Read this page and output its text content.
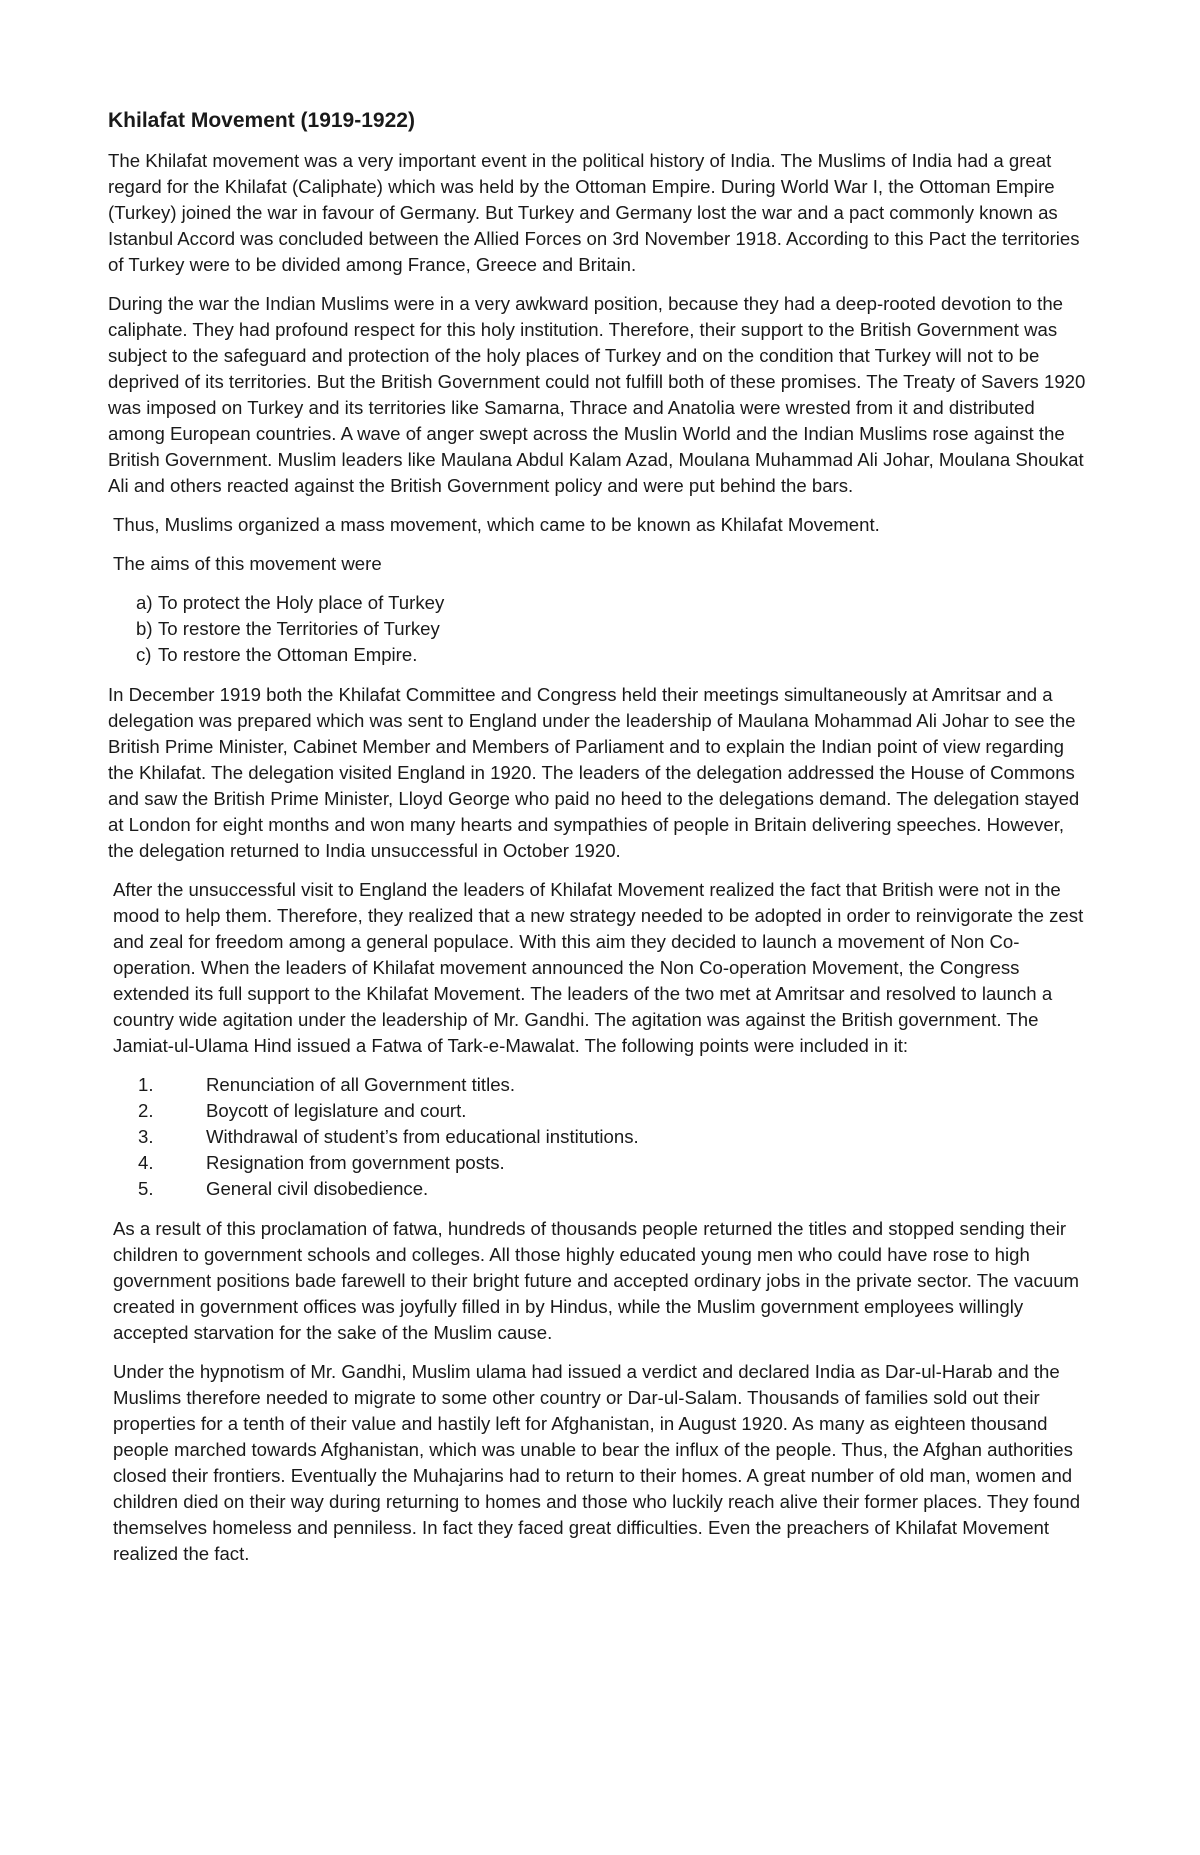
Khilafat Movement (1919-1922)

The Khilafat movement was a very important event in the political history of India. The Muslims of India had a great regard for the Khilafat (Caliphate) which was held by the Ottoman Empire. During World War I, the Ottoman Empire (Turkey) joined the war in favour of Germany. But Turkey and Germany lost the war and a pact commonly known as Istanbul Accord was concluded between the Allied Forces on 3rd November 1918. According to this Pact the territories of Turkey were to be divided among France, Greece and Britain.

During the war the Indian Muslims were in a very awkward position, because they had a deep-rooted devotion to the caliphate. They had profound respect for this holy institution. Therefore, their support to the British Government was subject to the safeguard and protection of the holy places of Turkey and on the condition that Turkey will not to be deprived of its territories. But the British Government could not fulfill both of these promises. The Treaty of Savers 1920 was imposed on Turkey and its territories like Samarna, Thrace and Anatolia were wrested from it and distributed among European countries. A wave of anger swept across the Muslin World and the Indian Muslims rose against the British Government. Muslim leaders like Maulana Abdul Kalam Azad, Moulana Muhammad Ali Johar, Moulana Shoukat Ali and others reacted against the British Government policy and were put behind the bars.

Thus, Muslims organized a mass movement, which came to be known as Khilafat Movement.

The aims of this movement were

a) To protect the Holy place of Turkey
b) To restore the Territories of Turkey
c) To restore the Ottoman Empire.

In December 1919 both the Khilafat Committee and Congress held their meetings simultaneously at Amritsar and a delegation was prepared which was sent to England under the leadership of Maulana Mohammad Ali Johar to see the British Prime Minister, Cabinet Member and Members of Parliament and to explain the Indian point of view regarding the Khilafat. The delegation visited England in 1920. The leaders of the delegation addressed the House of Commons and saw the British Prime Minister, Lloyd George who paid no heed to the delegations demand. The delegation stayed at London for eight months and won many hearts and sympathies of people in Britain delivering speeches. However, the delegation returned to India unsuccessful in October 1920.

After the unsuccessful visit to England the leaders of Khilafat Movement realized the fact that British were not in the mood to help them. Therefore, they realized that a new strategy needed to be adopted in order to reinvigorate the zest and zeal for freedom among a general populace. With this aim they decided to launch a movement of Non Co-operation. When the leaders of Khilafat movement announced the Non Co-operation Movement, the Congress extended its full support to the Khilafat Movement. The leaders of the two met at Amritsar and resolved to launch a country wide agitation under the leadership of Mr. Gandhi. The agitation was against the British government. The Jamiat-ul-Ulama Hind issued a Fatwa of Tark-e-Mawalat. The following points were included in it:

1.	Renunciation of all Government titles.
2.	Boycott of legislature and court.
3.	Withdrawal of student’s from educational institutions.
4.	Resignation from government posts.
5.	General civil disobedience.

As a result of this proclamation of fatwa, hundreds of thousands people returned the titles and stopped sending their children to government schools and colleges. All those highly educated young men who could have rose to high government positions bade farewell to their bright future and accepted ordinary jobs in the private sector. The vacuum created in government offices was joyfully filled in by Hindus, while the Muslim government employees willingly accepted starvation for the sake of the Muslim cause.

Under the hypnotism of Mr. Gandhi, Muslim ulama had issued a verdict and declared India as Dar-ul-Harab and the Muslims therefore needed to migrate to some other country or Dar-ul-Salam. Thousands of families sold out their properties for a tenth of their value and hastily left for Afghanistan, in August 1920. As many as eighteen thousand people marched towards Afghanistan, which was unable to bear the influx of the people. Thus, the Afghan authorities closed their frontiers. Eventually the Muhajarins had to return to their homes. A great number of old man, women and children died on their way during returning to homes and those who luckily reach alive their former places. They found themselves homeless and penniless. In fact they faced great difficulties. Even the preachers of Khilafat Movement realized the fact.
